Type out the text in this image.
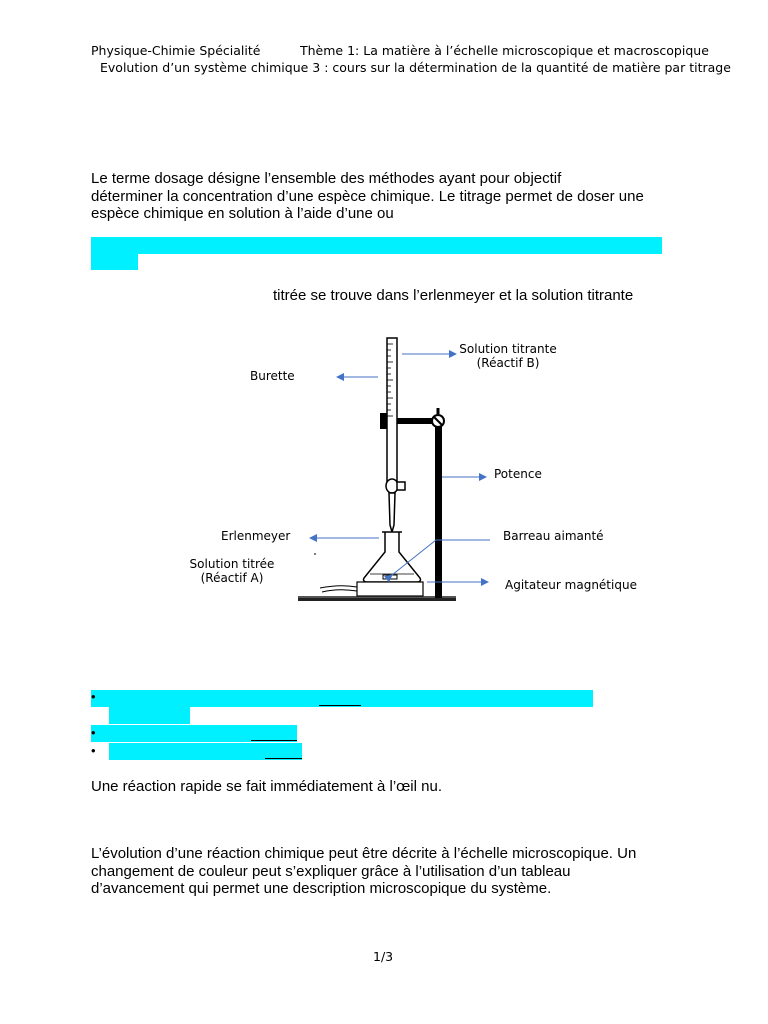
Physique-Chimie Spécialité	Thème 1: La matière à l’échelle microscopique et macroscopique
Evolution d’un système chimique 3 : cours sur la détermination de la quantité de matière par titrage
Le terme dosage désigne l’ensemble des méthodes ayant pour objectif
déterminer la concentration d’une espèce chimique. Le titrage permet de doser une
espèce chimique en solution à l’aide d’une ou
titrée se trouve dans l’erlenmeyer et la solution titrante
Solution titrante
(Réactif B)
Burette
Potence
Erlenmeyer	Barreau aimanté
Solution titrée
(Réactif A)	Agitateur magnétique
•
•
•
Une réaction rapide se fait immédiatement à l’œil nu.
L’évolution d’une réaction chimique peut être décrite à l’échelle microscopique. Un
changement de couleur peut s’expliquer grâce à l’utilisation d’un tableau
d’avancement qui permet une description microscopique du système.
1/3
